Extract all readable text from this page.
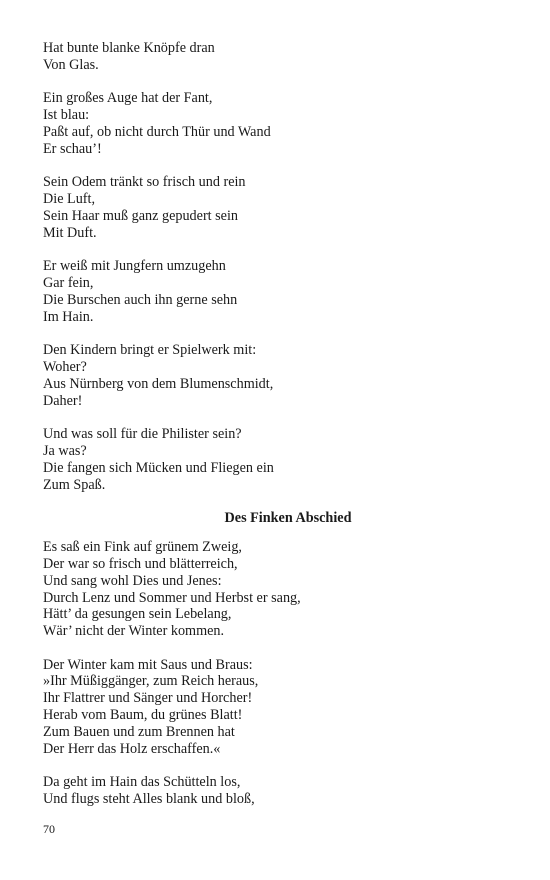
Hat bunte blanke Knöpfe dran
Von Glas.
Ein großes Auge hat der Fant,
Ist blau:
Paßt auf, ob nicht durch Thür und Wand
Er schau’!
Sein Odem tränkt so frisch und rein
Die Luft,
Sein Haar muß ganz gepudert sein
Mit Duft.
Er weiß mit Jungfern umzugehn
Gar fein,
Die Burschen auch ihn gerne sehn
Im Hain.
Den Kindern bringt er Spielwerk mit:
Woher?
Aus Nürnberg von dem Blumenschmidt,
Daher!
Und was soll für die Philister sein?
Ja was?
Die fangen sich Mücken und Fliegen ein
Zum Spaß.
Des Finken Abschied
Es saß ein Fink auf grünem Zweig,
Der war so frisch und blätterreich,
Und sang wohl Dies und Jenes:
Durch Lenz und Sommer und Herbst er sang,
Hätt’ da gesungen sein Lebelang,
Wär’ nicht der Winter kommen.
Der Winter kam mit Saus und Braus:
»Ihr Müßiggänger, zum Reich heraus,
Ihr Flattrer und Sänger und Horcher!
Herab vom Baum, du grünes Blatt!
Zum Bauen und zum Brennen hat
Der Herr das Holz erschaffen.«
Da geht im Hain das Schütteln los,
Und flugs steht Alles blank und bloß,
70
